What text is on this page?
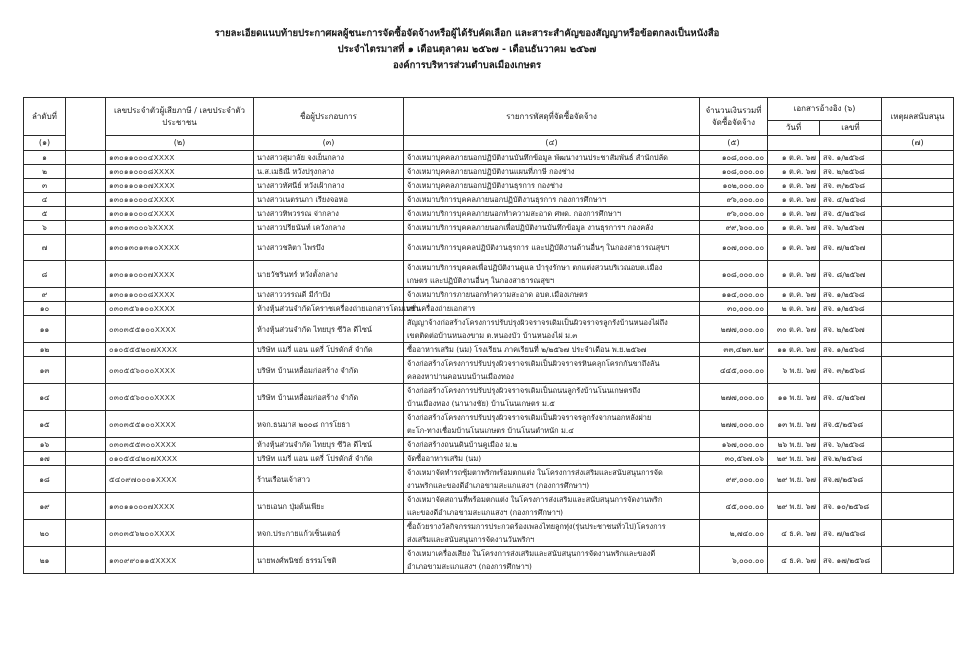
รายละเอียดแนบท้ายประกาศผลผู้ชนะการจัดซื้อจัดจ้างหรือผู้ได้รับคัดเลือก และสาระสำคัญของสัญญาหรือข้อตกลงเป็นหนังสือ
ประจำไตรมาสที่ ๑ เดือนตุลาคม ๒๕๖๗ - เดือนธันวาคม ๒๕๖๗
องค์การบริหารส่วนตำบลเมืองเกษตร
ลำดับที่		เลขประจำตัวผู้เสียภาษี / เลขประจำตัวประชาชน	ชื่อผู้ประกอบการ	รายการพัสดุที่จัดซื้อจัดจ้าง	จำนวนเงินรวมที่จัดซื้อจัดจ้าง	เอกสารอ้างอิง (๖)		เหตุผลสนับสนุน
						วันที่	เลขที่	
(๑)		(๒)	(๓)	(๔)	(๕)			(๗)
๑		๑๓๐๑๑๐๐๐๔XXXX	นางสาวสุมาลัย จงเย็นกลาง	จ้างเหมาบุคคลภายนอกปฏิบัติงานบันทึกข้อมูล พัฒนางานประชาสัมพันธ์ สำนักปลัด	๑๐๘,๐๐๐.๐๐	๑ ต.ค. ๖๗	สจ. ๑/๒๕๖๘	
๒		๑๓๐๑๑๐๐๐๘XXXX	น.ส.เมธิณี หวังปรุงกลาง	จ้างเหมาบุคคลภายนอกปฏิบัติงานแผนที่ภาษี กองช่าง	๑๐๘,๐๐๐.๐๐	๑ ต.ค. ๖๗	สจ. ๒/๒๕๖๘	
๓		๑๓๐๑๑๐๑๐๗XXXX	นางสาวทัศนีย์ หวังเฝ้ากลาง	จ้างเหมาบุคคลภายนอกปฏิบัติงานธุรการ กองช่าง	๑๐๒,๐๐๐.๐๐	๑ ต.ค. ๖๗	สจ. ๓/๒๕๖๘	
๔		๑๓๐๑๑๐๐๐๔XXXX	นางสาวเนตรนภา เรียงจอหอ	จ้างเหมาบริการบุคคลภายนอกปฏิบัติงานธุรการ กองการศึกษาฯ	๙๖,๐๐๐.๐๐	๑ ต.ค. ๖๗	สจ. ๔/๒๕๖๘	
๕		๑๓๐๑๑๐๐๐๔XXXX	นางสาวทิพวรรณ จ่ากลาง	จ้างเหมาบริการบุคคลภายนอกทำความสะอาด ศพด. กองการศึกษาฯ	๙๖,๐๐๐.๐๐	๑ ต.ค. ๖๗	สจ. ๕/๒๕๖๘	
๖		๑๓๐๑๓๐๐๐๖XXXX	นางสาวปรียนันท์ เควังกลาง	จ้างเหมาบริการบุคคลภายนอกเพื่อปฏิบัติงานบันทึกข้อมูล งานธุรการฯ กองคลัง	๙๙,๖๐๐.๐๐	๑ ต.ค. ๖๗	สจ. ๖/๒๕๖๗	
๗		๑๓๐๑๓๐๑๓๑๐XXXX	นางสาวชลิตา ไพรบึง	จ้างเหมาบริการบุคคลปฏิบัติงานธุรการ และปฏิบัติงานด้านอื่นๆ ในกองสาธารณสุขฯ	๑๐๗,๐๐๐.๐๐	๑ ต.ค. ๖๗	สจ. ๗/๒๕๖๗	
๘		๑๓๐๑๑๐๐๐๗XXXX	นายวัชรินทร์ หวังตั้งกลาง	จ้างเหมาบริการบุคคลเพื่อปฏิบัติงานดูแล บำรุงรักษา ตกแต่งสวนบริเวณอบต.เมือง
เกษตร และปฏิบัติงานอื่นๆ ในกองสาธารณสุขฯ	๑๐๘,๐๐๐.๐๐	๑ ต.ค. ๖๗	สจ. ๘/๒๕๖๗	
๙		๑๓๐๑๑๐๐๐๘XXXX	นางสาววรรณดี มีกำปัง	จ้างเหมาบริการภายนอกทำความสะอาด อบต.เมืองเกษตร	๑๑๔,๐๐๐.๐๐	๑ ต.ค. ๖๗	สจ. ๑/๒๕๖๘	
๑๐		๐๓๐๓๕๖๑๐๐XXXX	ห้างหุ้นส่วนจำกัดโคราชเครื่องถ่ายเอกสารโดมเนชั่น	เช่าเครื่องถ่ายเอกสาร	๓๐,๐๐๐.๐๐	๒ ต.ค. ๖๗	สจ. ๑/๒๕๖๘	
๑๑		๐๓๐๓๕๕๑๐๐XXXX	ห้างหุ้นส่วนจำกัด ไทยบุร ซีวิล ดีไซน์	สัญญาจ้างก่อสร้างโครงการปรับปรุงผิวจราจรเดิมเป็นผิวจราจรลูกรังบ้านหนองไผ่ถึง
เขตติดต่อบ้านหนองขาม ต.หนองบัว บ้านหนองไผ่ ม.๓	๒๗๗,๐๐๐.๐๐	๓๐ ต.ค. ๖๗	สจ. ๒/๒๕๖๗	
๑๒		๐๑๐๕๕๕๒๐๗XXXX	บริษัท แมรี่ แอน แดรี่ โปรดักส์ จำกัด	ซื้ออาหารเสริม (นม) โรงเรียน ภาคเรียนที่ ๒/๒๕๖๗ ประจำเดือน พ.ย.๒๕๖๗	๓๓,๔๒๓.๒๙	๑๑ ต.ค. ๖๗	สจ. ๑/๒๕๖๘	
๑๓		๐๓๐๕๕๖๐๐๐XXXX	บริษัท บ้านเหลื่อมก่อสร้าง จำกัด	จ้างก่อสร้างโครงการปรับปรุงผิวจราจรเดิมเป็นผิวจราจรหินคลุกโครกกันขาถึงลัน
คลองหาปานคอนบนบ้านเมืองทอง	๔๔๕,๐๐๐.๐๐	๖ พ.ย. ๖๗	สจ. ๓/๒๕๖๘	
๑๔		๐๓๐๕๕๖๐๐๐XXXX	บริษัท บ้านเหลื่อมก่อสร้าง จำกัด	จ้างก่อสร้างโครงการปรับปรุงผิวจราจรเดิมเป็นถนนลูกรังบ้านโนนเกษตรถึง
บ้านเมืองทอง (นานางชัย) บ้านโนนเกษตร ม.๕	๒๗๗,๐๐๐.๐๐	๑๑ พ.ย. ๖๗	สจ. ๔/๒๕๖๗	
๑๕		๐๓๐๓๕๕๑๐๐XXXX	หจก.ธนมาส ๒๐๐๘ การโยธา	จ้างก่อสร้างโครงการปรับปรุงผิวจราจรเดิมเป็นผิวจราจรลูกรังจากนอกหลังฝาย
ตะโก-ทางเชื่อมบ้านโนนเกษตร บ้านโนนตำหนัก ม.๔	๒๗๗,๐๐๐.๐๐	๑๓ พ.ย. ๖๗	สจ.๕/๒๕๖๘	
๑๖		๐๓๐๓๕๕๓๐๐XXXX	ห้างหุ้นส่วนจำกัด ไทยบุร ซีวิล ดีไซน์	จ้างก่อสร้างถนนดินบ้านคูเมือง ม.๒	๑๖๗,๐๐๐.๐๐	๒๖ พ.ย. ๖๗	สจ. ๖/๒๕๖๘	
๑๗		๐๑๐๕๕๔๒๐๗XXXX	บริษัท แมรี่ แอน แดรี่ โปรดักส์ จำกัด	จัดซื้ออาหารเสริม (นม)	๓๐,๕๖๗.๐๖	๒๙ พ.ย. ๖๗	สจ.๒/๒๕๖๘	
๑๘		๕๔๐๙๗๐๐๐๑XXXX	ร้านเรือนเจ้าสาว	จ้างเหมาจัดทำรถซุ้มตาพริกพร้อมตกแต่ง ในโครงการส่งเสริมและสนับสนุนการจัด
งานพริกและของดีอำเภอขามสะแกแสงฯ (กองการศึกษาฯ)	๙๙,๐๐๐.๐๐	๒๙ พ.ย. ๖๗	สจ.๗/๒๕๖๘	
๑๙		๑๓๐๑๑๐๐๐๗XXXX	นายเอนก ปุ่มต้นเพียะ	จ้างเหมาจัดสถานที่พร้อมตกแต่ง ในโครงการส่งเสริมและสนับสนุนการจัดงานพริก
และของดีอำเภอขามสะแกแสงฯ (กองการศึกษาฯ)	๔๕,๐๐๐.๐๐	๒๙ พ.ย. ๖๗	สจ. ๑๐/๒๕๖๘	
๒๐		๐๓๐๓๕๖๒๐๐XXXX	หจก.ประกายแก้วเซ็นเตอร์	ซื้อถ้วยรางวัลกิจกรรมการประกวดร้องเพลงไทยลูกทุ่ง(รุ่นประชาชนทั่วไป)โครงการ
ส่งเสริมและสนับสนุนการจัดงานวันพริกฯ	๒,๗๔๐.๐๐	๔ ธ.ค. ๖๗	สจ. ๗/๒๕๖๘	
๒๑		๑๓๐๙๙๐๑๑๕XXXX	นายพงศ์พนิชย์ ธรรมโชติ	จ้างเหมาเครื่องเสียง ในโครงการส่งเสริมและสนับสนุนการจัดงานพริกและของดี
อำเภอขามสะแกแสงฯ (กองการศึกษาฯ)	๖,๐๐๐.๐๐	๔ ธ.ค. ๖๗	สจ. ๑๗/๒๕๖๘	
